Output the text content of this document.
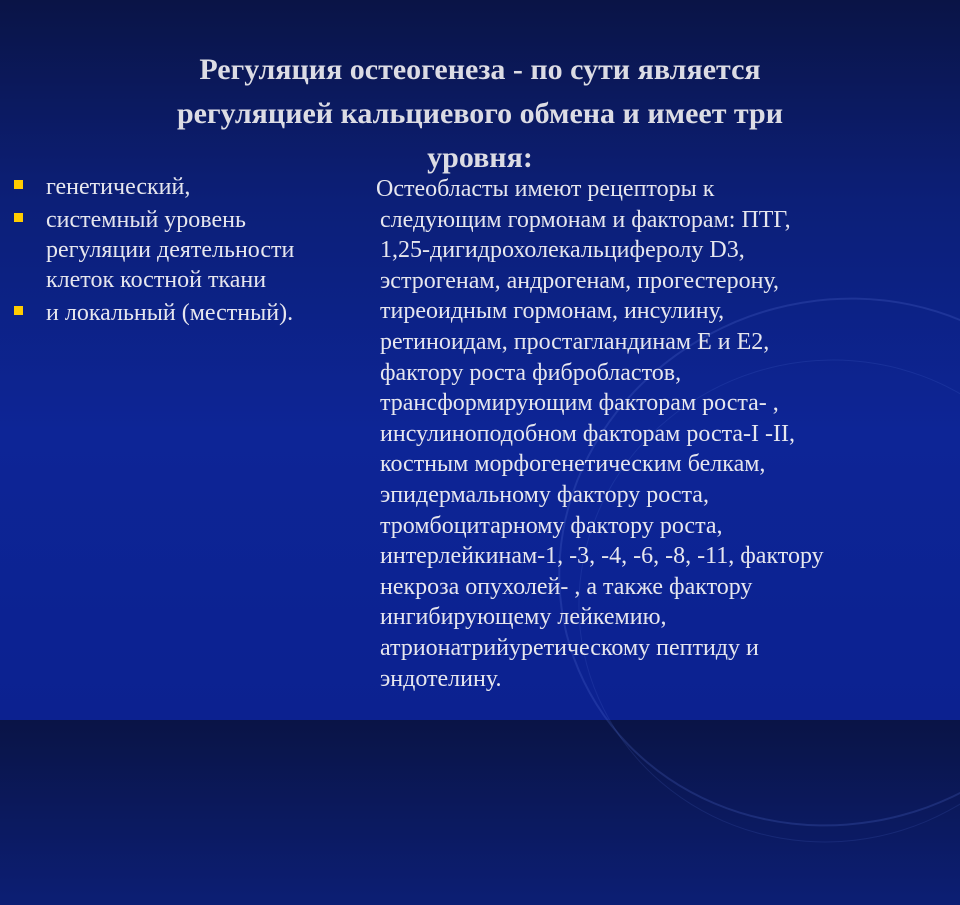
Регуляция остеогенеза - по сути является
регуляцией кальциевого обмена и имеет три
уровня:
генетический,
системный уровень регуляции деятельности клеток костной ткани
и локальный (местный).
Остеобласты имеют рецепторы к
следующим гормонам и факторам: ПТГ,
1,25-дигидрохолекальциферолу D3,
эстрогенам, андрогенам, прогестерону,
тиреоидным гормонам, инсулину,
ретиноидам, простагландинам Е и Е2,
фактору роста фибробластов,
трансформирующим факторам роста- ,
инсулиноподобном факторам роста-I -II,
костным морфогенетическим белкам,
эпидермальному фактору роста,
тромбоцитарному фактору роста,
интерлейкинам-1, -3, -4, -6, -8, -11, фактору
некроза опухолей- , а также фактору
ингибирующему лейкемию,
атрионатрийуретическому пептиду и
эндотелину.
